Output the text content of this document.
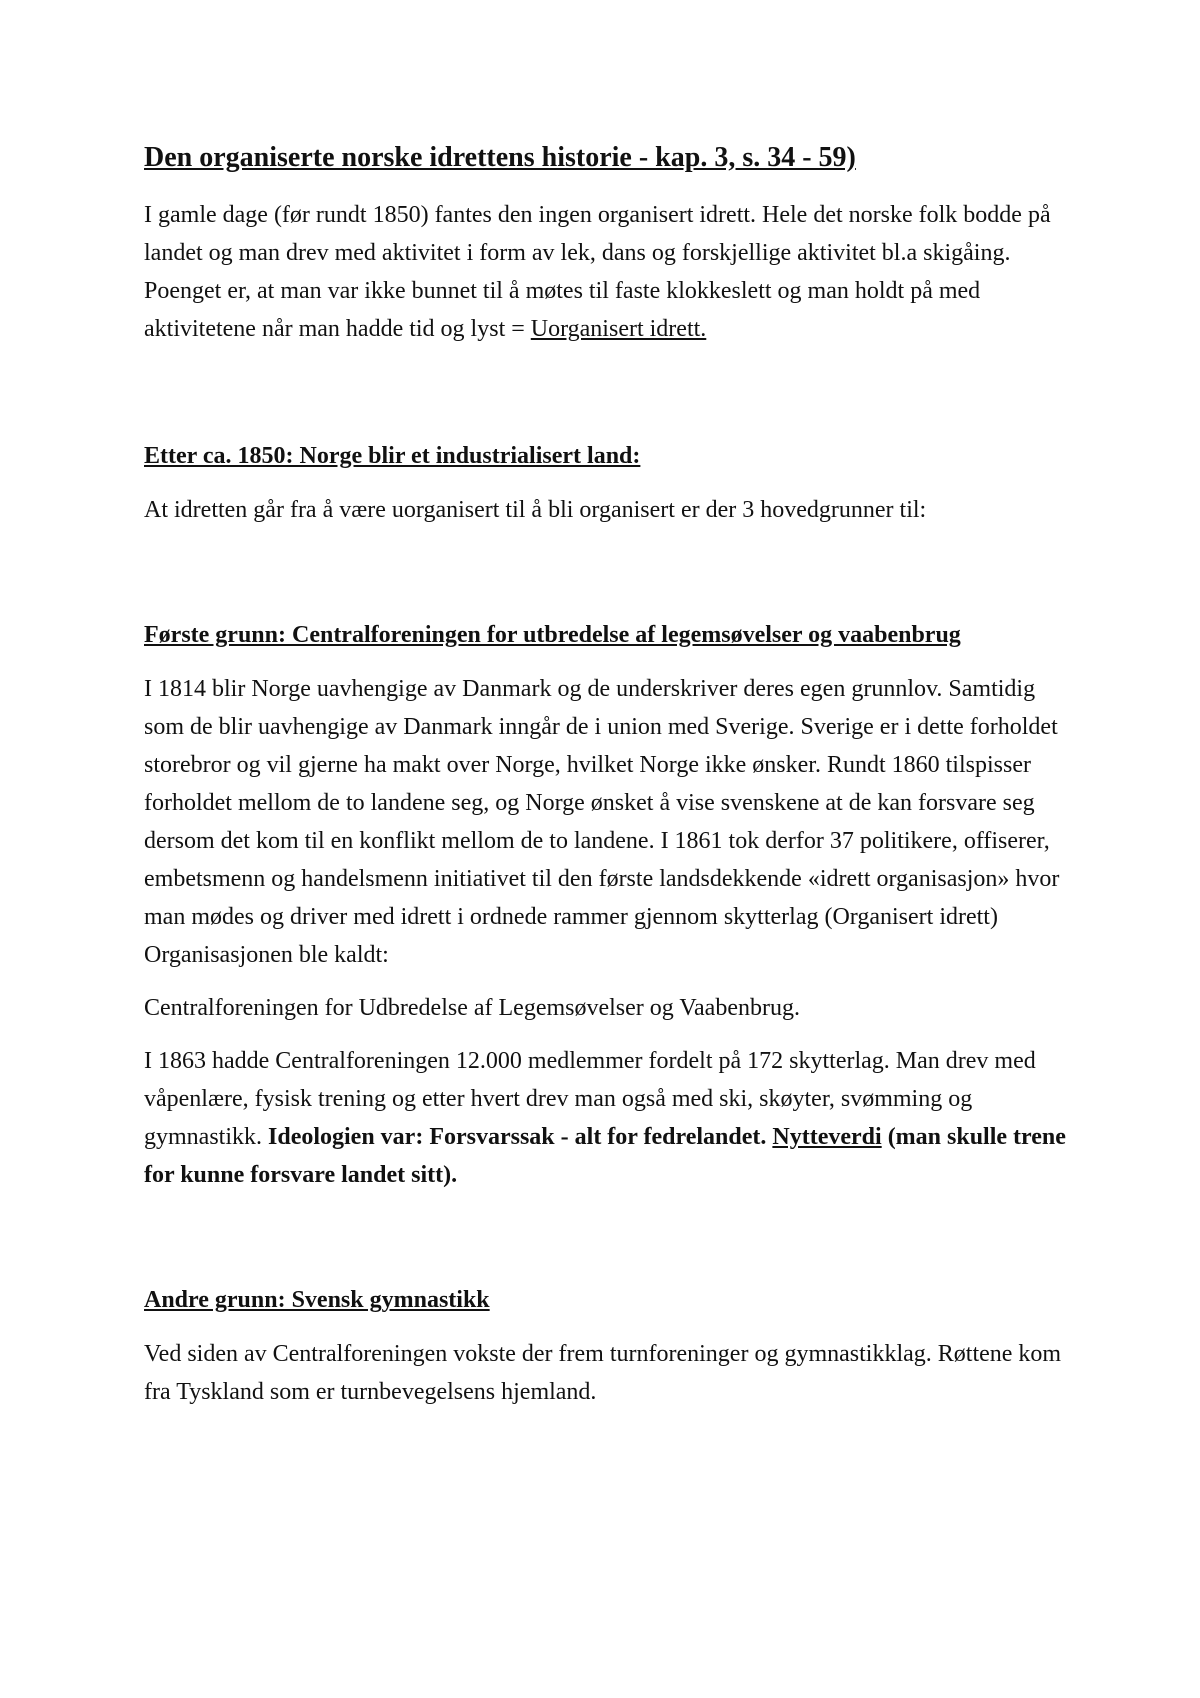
Den organiserte norske idrettens historie - kap. 3, s. 34 - 59)

I gamle dage (før rundt 1850) fantes den ingen organisert idrett. Hele det norske folk bodde på landet og man drev med aktivitet i form av lek, dans og forskjellige aktivitet bl.a skigåing. Poenget er, at man var ikke bunnet til å møtes til faste klokkeslett og man holdt på med aktivitetene når man hadde tid og lyst = Uorganisert idrett.

Etter ca. 1850: Norge blir et industrialisert land:

At idretten går fra å være uorganisert til å bli organisert er der 3 hovedgrunner til:

Første grunn: Centralforeningen for utbredelse af legemsøvelser og vaabenbrug

I 1814 blir Norge uavhengige av Danmark og de underskriver deres egen grunnlov. Samtidig som de blir uavhengige av Danmark inngår de i union med Sverige. Sverige er i dette forholdet storebror og vil gjerne ha makt over Norge, hvilket Norge ikke ønsker. Rundt 1860 tilspisser forholdet mellom de to landene seg, og Norge ønsket å vise svenskene at de kan forsvare seg dersom det kom til en konflikt mellom de to landene. I 1861 tok derfor 37 politikere, offiserer, embetsmenn og handelsmenn initiativet til den første landsdekkende «idrett organisasjon» hvor man mødes og driver med idrett i ordnede rammer gjennom skytterlag (Organisert idrett) Organisasjonen ble kaldt:

Centralforeningen for Udbredelse af Legemsøvelser og Vaabenbrug.

I 1863 hadde Centralforeningen 12.000 medlemmer fordelt på 172 skytterlag. Man drev med våpenlære, fysisk trening og etter hvert drev man også med ski, skøyter, svømming og gymnastikk. Ideologien var: Forsvarssak - alt for fedrelandet. Nytteverdi (man skulle trene for kunne forsvare landet sitt).

Andre grunn: Svensk gymnastikk

Ved siden av Centralforeningen vokste der frem turnforeninger og gymnastikklag. Røttene kom fra Tyskland som er turnbevegelsens hjemland.
